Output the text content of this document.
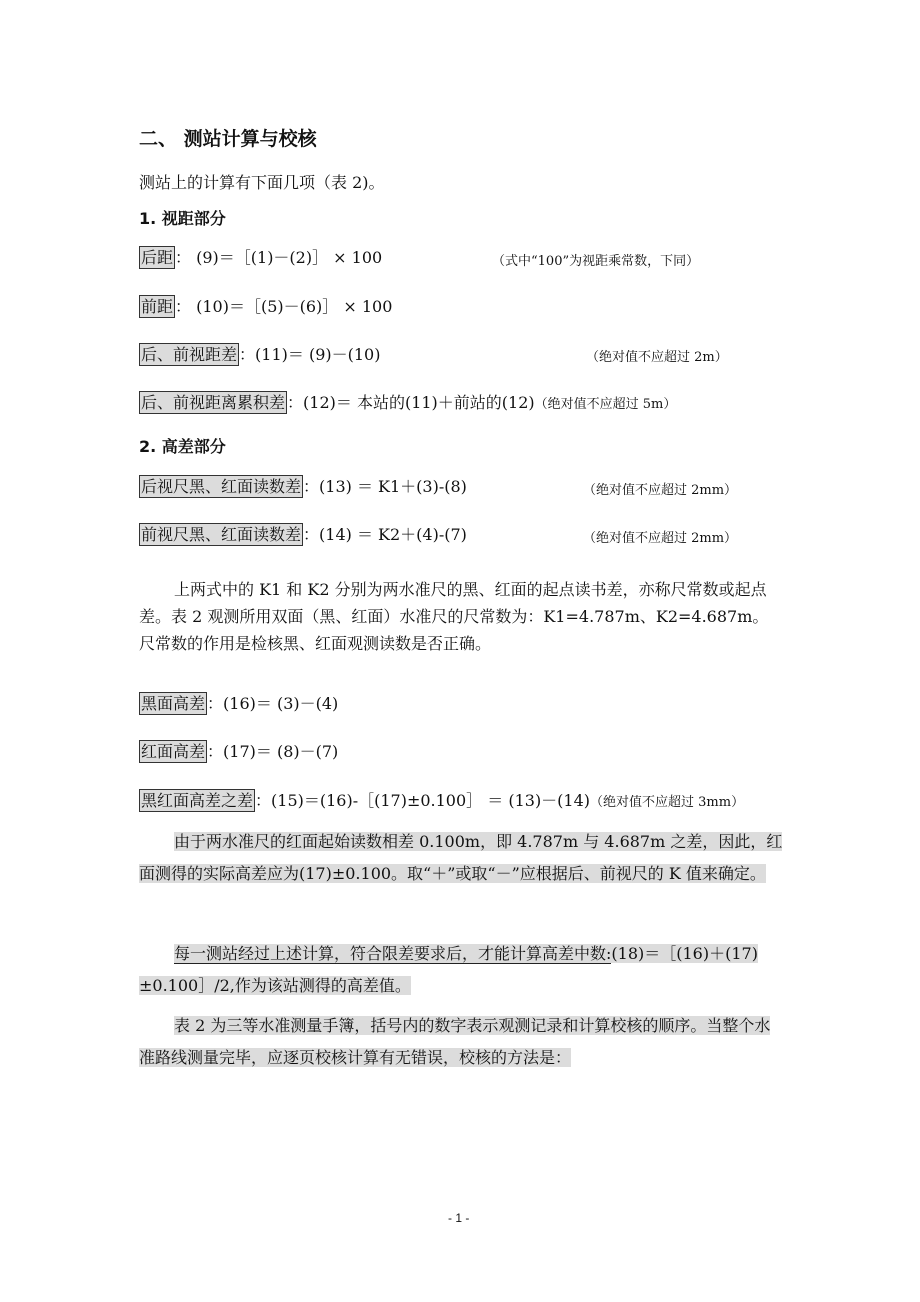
二、 测站计算与校核
测站上的计算有下面几项（表 2)。
1. 视距部分
后距 ： (9)＝［(1)－(2)］ × 100	（式中“100”为视距乘常数，下同）
前距 ： (10)＝［(5)－(6)］ × 100
后、前视距差 ：(11)＝ (9)－(10)	（绝对值不应超过 2m）
后、前视距离累积差 ：(12)＝ 本站的(11)＋前站的(12)（绝对值不应超过 5m）
2. 高差部分
后视尺黑、红面读数差 ：(13) ＝ K1＋(3)-(8)	（绝对值不应超过 2mm）
前视尺黑、红面读数差 ：(14) ＝ K2＋(4)-(7)	（绝对值不应超过 2mm）
上两式中的 K1 和 K2 分别为两水准尺的黑、红面的起点读书差，亦称尺常数或起点差。表 2 观测所用双面（黑、红面）水准尺的尺常数为：K1=4.787m、K2=4.687m。尺常数的作用是检核黑、红面观测读数是否正确。
黑面高差 ：(16)＝ (3)－(4)
红面高差 ：(17)＝ (8)－(7)
黑红面高差之差 ：(15)＝(16)-［(17)±0.100］ ＝ (13)－(14)（绝对值不应超过 3mm）
由于两水准尺的红面起始读数相差 0.100m，即 4.787m 与 4.687m 之差，因此，红面测得的实际高差应为(17)±0.100。取“＋”或取“－”应根据后、前视尺的 K 值来确定。
每一测站经过上述计算，符合限差要求后，才能计算高差中数:(18)＝［(16)＋(17) ±0.100］/2,作为该站测得的高差值。
表 2 为三等水准测量手簿，括号内的数字表示观测记录和计算校核的顺序。当整个水准路线测量完毕，应逐页校核计算有无错误，校核的方法是：
- 1 -
